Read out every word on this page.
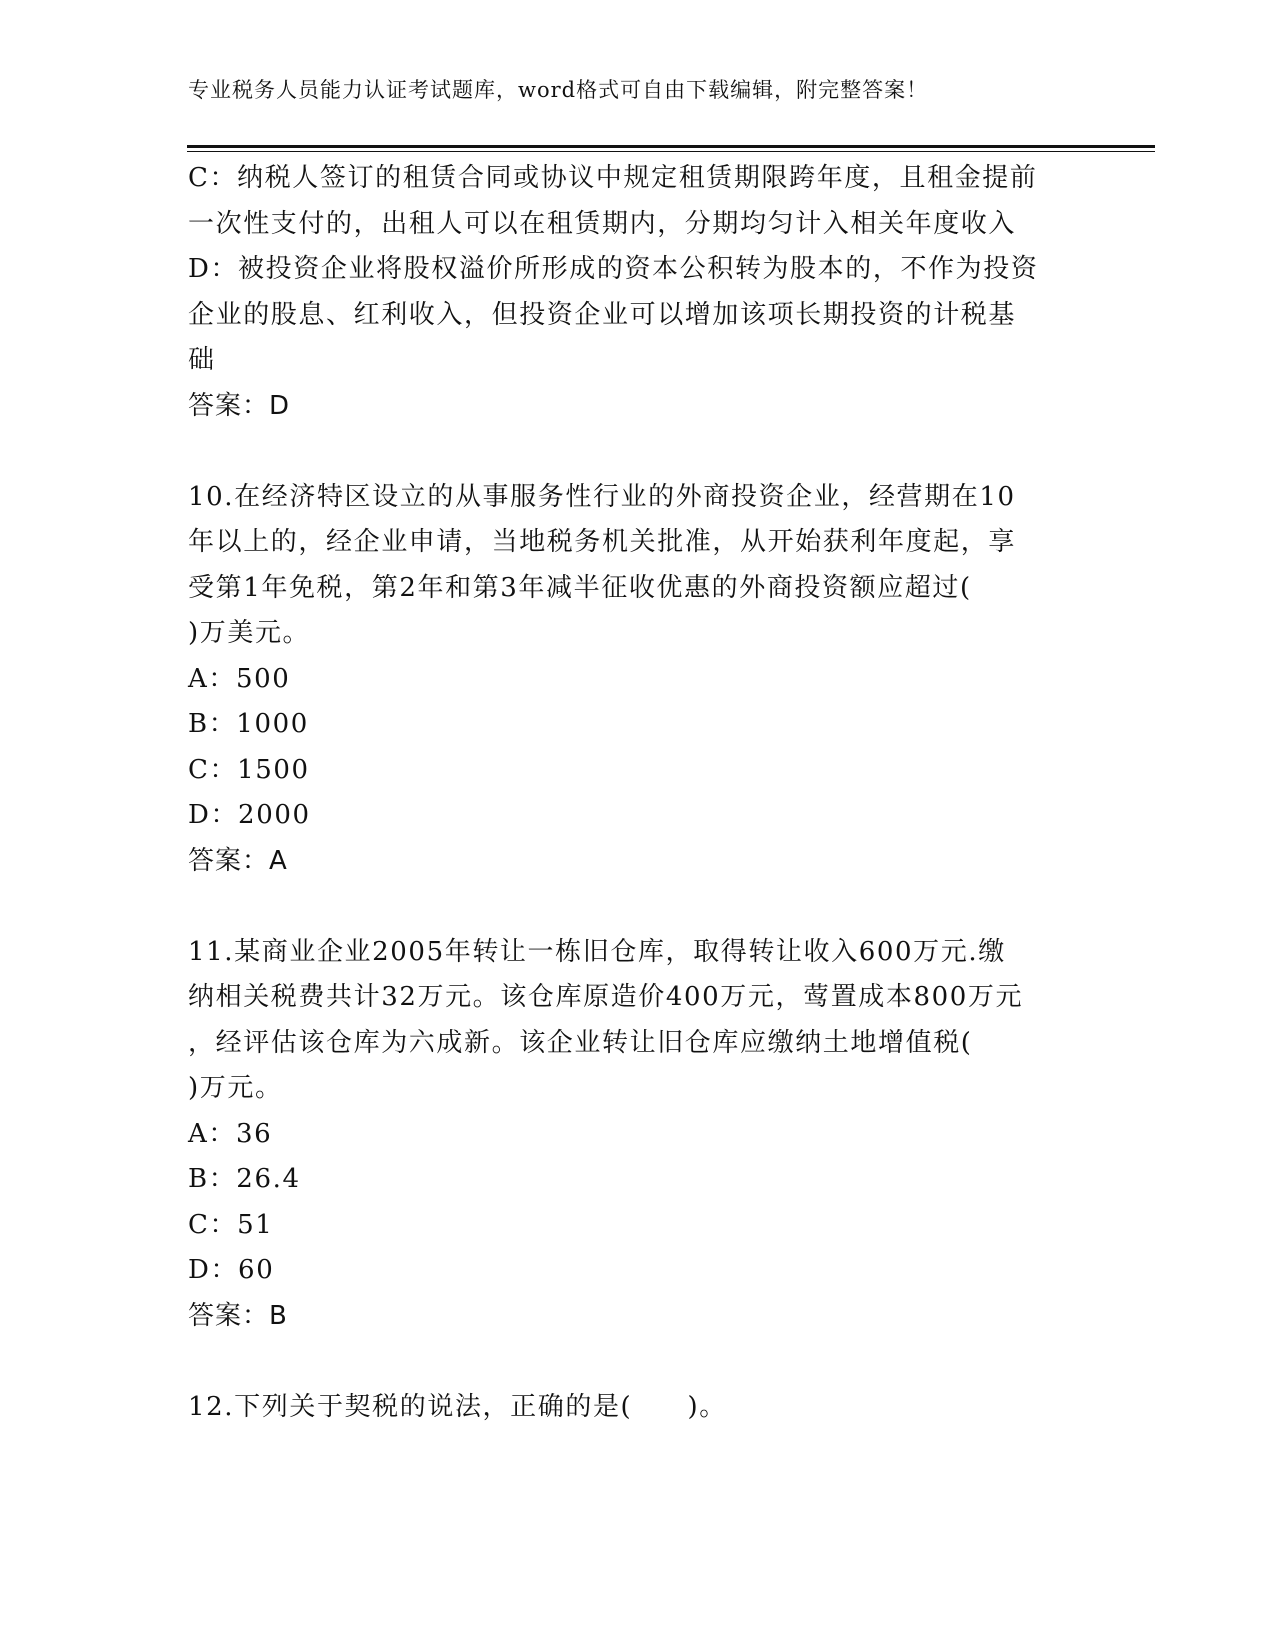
专业税务人员能力认证考试题库，word格式可自由下载编辑，附完整答案！
C：纳税人签订的租赁合同或协议中规定租赁期限跨年度，且租金提前
一次性支付的，出租人可以在租赁期内，分期均匀计入相关年度收入
D：被投资企业将股权溢价所形成的资本公积转为股本的，不作为投资
企业的股息、红利收入，但投资企业可以增加该项长期投资的计税基
础
答案：D
10.在经济特区设立的从事服务性行业的外商投资企业，经营期在10
年以上的，经企业申请，当地税务机关批准，从开始获利年度起，享
受第1年免税，第2年和第3年减半征收优惠的外商投资额应超过(
)万美元。
A：500
B：1000
C：1500
D：2000
答案：A
11.某商业企业2005年转让一栋旧仓库，取得转让收入600万元.缴
纳相关税费共计32万元。该仓库原造价400万元，莺置成本800万元
，经评估该仓库为六成新。该企业转让旧仓库应缴纳土地增值税(
)万元。
A：36
B：26.4
C：51
D：60
答案：B
12.下列关于契税的说法，正确的是(　　)。
